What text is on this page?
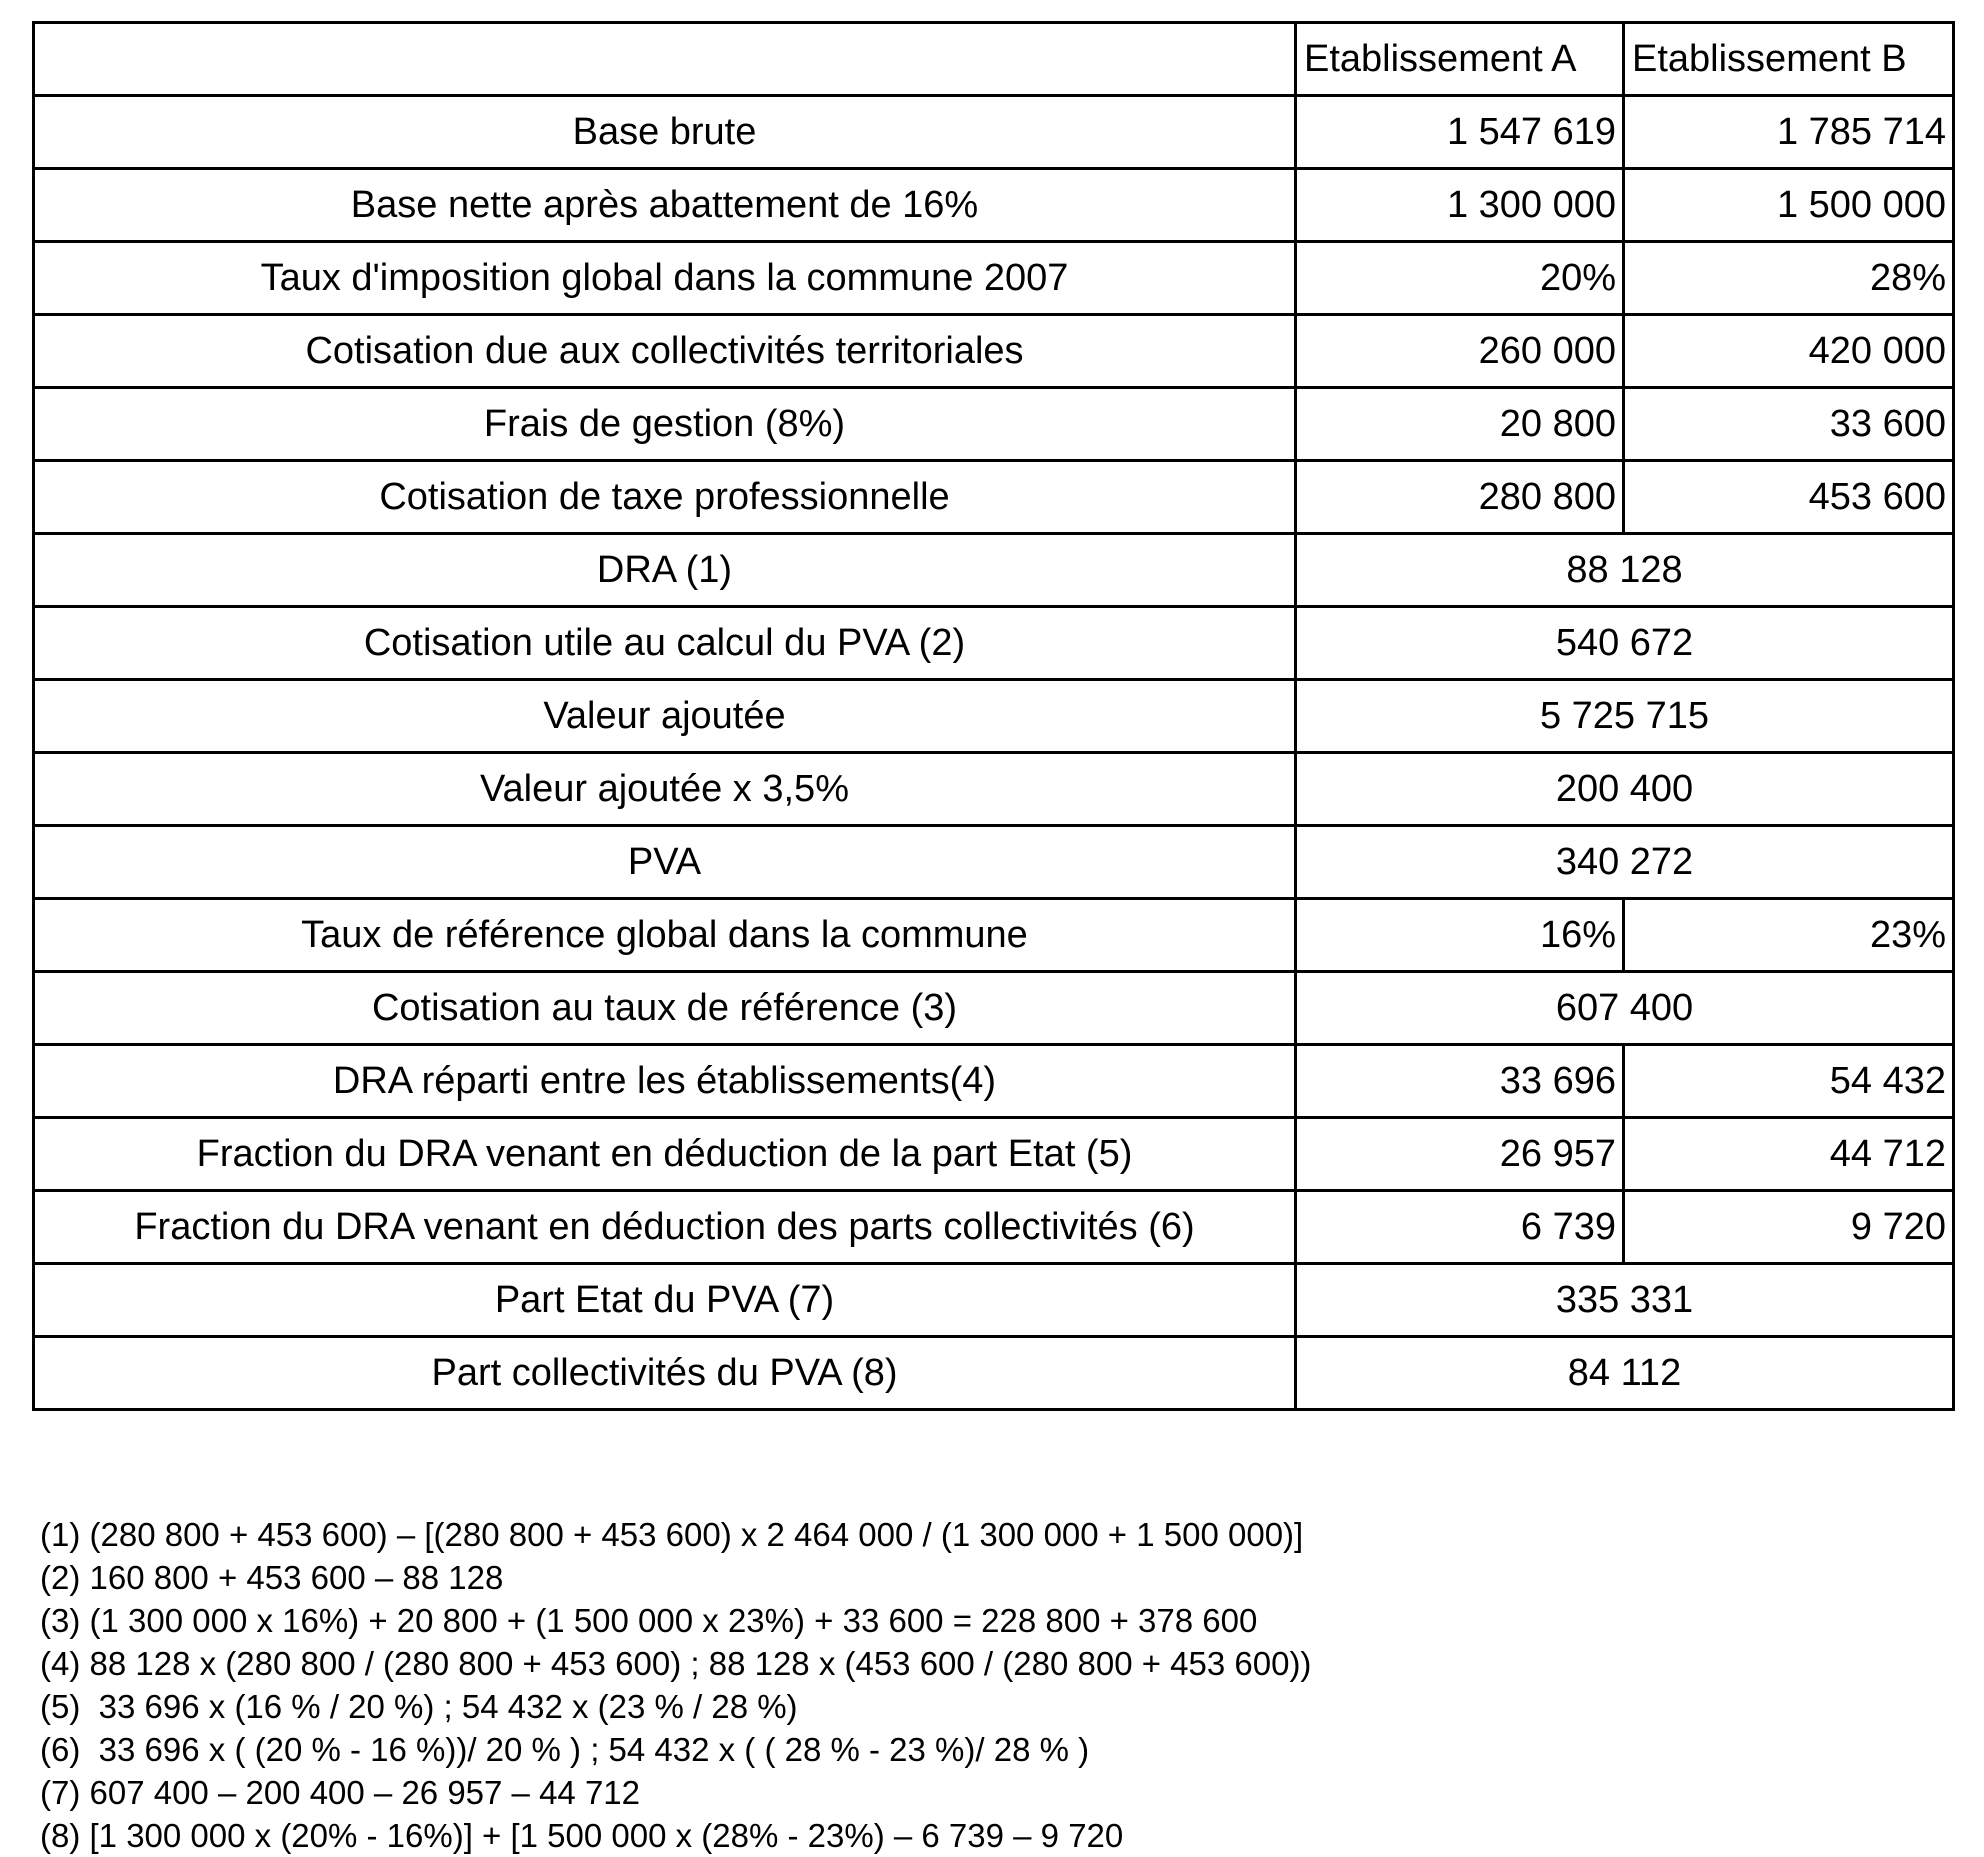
	Etablissement A	Etablissement B
Base brute	1 547 619	1 785 714
Base nette après abattement de 16%	1 300 000	1 500 000
Taux d'imposition global dans la commune 2007	20%	28%
Cotisation due aux collectivités territoriales	260 000	420 000
Frais de gestion (8%)	20 800	33 600
Cotisation de taxe professionnelle	280 800	453 600
DRA (1)	88 128	
Cotisation utile au calcul du PVA (2)	540 672	
Valeur ajoutée	5 725 715	
Valeur ajoutée x 3,5%	200 400	
PVA	340 272	
Taux de référence global dans la commune	16%	23%
Cotisation au taux de référence (3)	607 400	
DRA réparti entre les établissements(4)	33 696	54 432
Fraction du DRA venant en déduction de la part Etat (5)	26 957	44 712
Fraction du DRA venant en déduction des parts collectivités (6)	6 739	9 720
Part Etat du PVA (7)	335 331	
Part collectivités du PVA (8)	84 112	
(1) (280 800 + 453 600) – [(280 800 + 453 600) x 2 464 000 / (1 300 000 + 1 500 000)]
(2) 160 800 + 453 600 – 88 128
(3) (1 300 000 x 16%) + 20 800 + (1 500 000 x 23%) + 33 600 = 228 800 + 378 600
(4) 88 128 x (280 800 / (280 800 + 453 600) ; 88 128 x (453 600 / (280 800 + 453 600))
(5)  33 696 x (16 % / 20 %) ; 54 432 x (23 % / 28 %)
(6)  33 696 x ( (20 % - 16 %))/ 20 % ) ; 54 432 x ( ( 28 % - 23 %)/ 28 % )
(7) 607 400 – 200 400 – 26 957 – 44 712
(8) [1 300 000 x (20% - 16%)] + [1 500 000 x (28% - 23%) – 6 739 – 9 720
